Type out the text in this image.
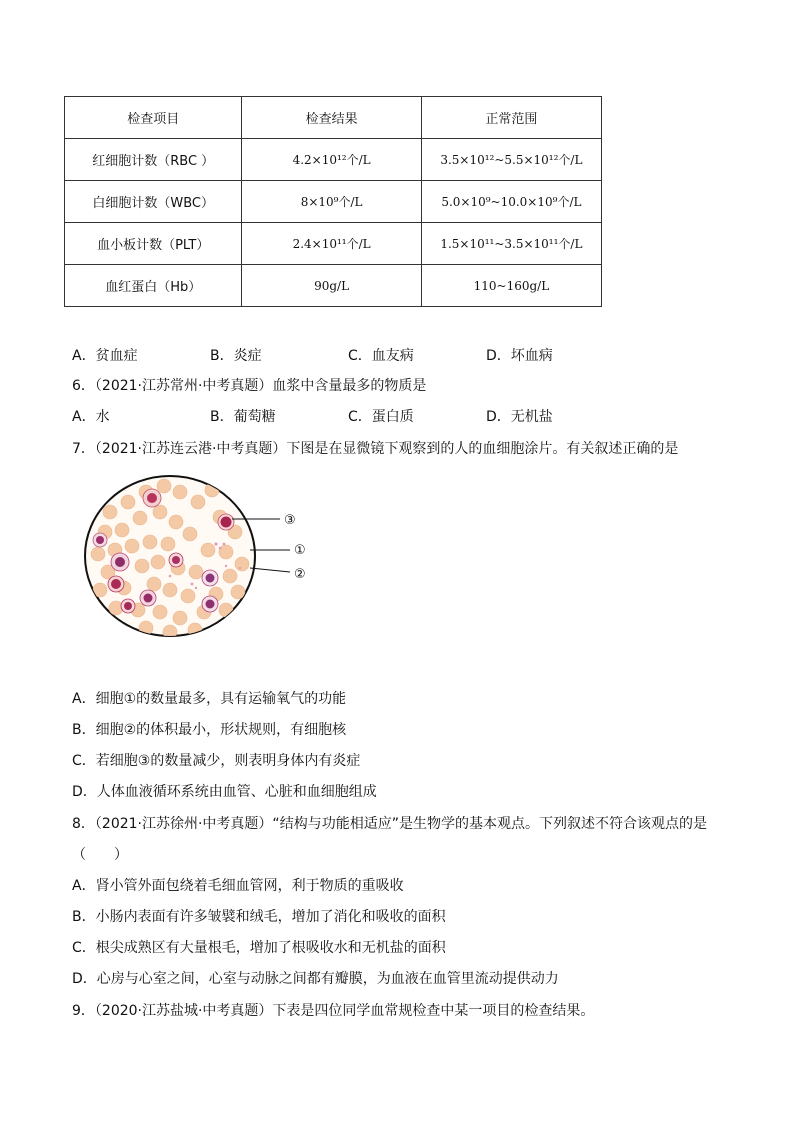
检查项目	检查结果	正常范围
红细胞计数（RBC ）	4.2×10¹²个/L	3.5×10¹²~5.5×10¹²个/L
白细胞计数（WBC）	8×10⁹个/L	5.0×10⁹~10.0×10⁹个/L
血小板计数（PLT）	2.4×10¹¹个/L	1.5×10¹¹~3.5×10¹¹个/L
血红蛋白（Hb）	90g/L	110~160g/L
A．贫血症	B．炎症	C．血友病	D．坏血病
6．（2021·江苏常州·中考真题）血浆中含量最多的物质是
A．水	B．葡萄糖	C．蛋白质	D．无机盐
7．（2021·江苏连云港·中考真题）下图是在显微镜下观察到的人的血细胞涂片。有关叙述正确的是
③
①
②
A．细胞①的数量最多，具有运输氧气的功能
B．细胞②的体积最小，形状规则，有细胞核
C．若细胞③的数量减少，则表明身体内有炎症
D．人体血液循环系统由血管、心脏和血细胞组成
8．（2021·江苏徐州·中考真题）“结构与功能相适应”是生物学的基本观点。下列叙述不符合该观点的是
（　　）
A．肾小管外面包绕着毛细血管网，利于物质的重吸收
B．小肠内表面有许多皱襞和绒毛，增加了消化和吸收的面积
C．根尖成熟区有大量根毛，增加了根吸收水和无机盐的面积
D．心房与心室之间，心室与动脉之间都有瓣膜，为血液在血管里流动提供动力
9．（2020·江苏盐城·中考真题）下表是四位同学血常规检查中某一项目的检查结果。
